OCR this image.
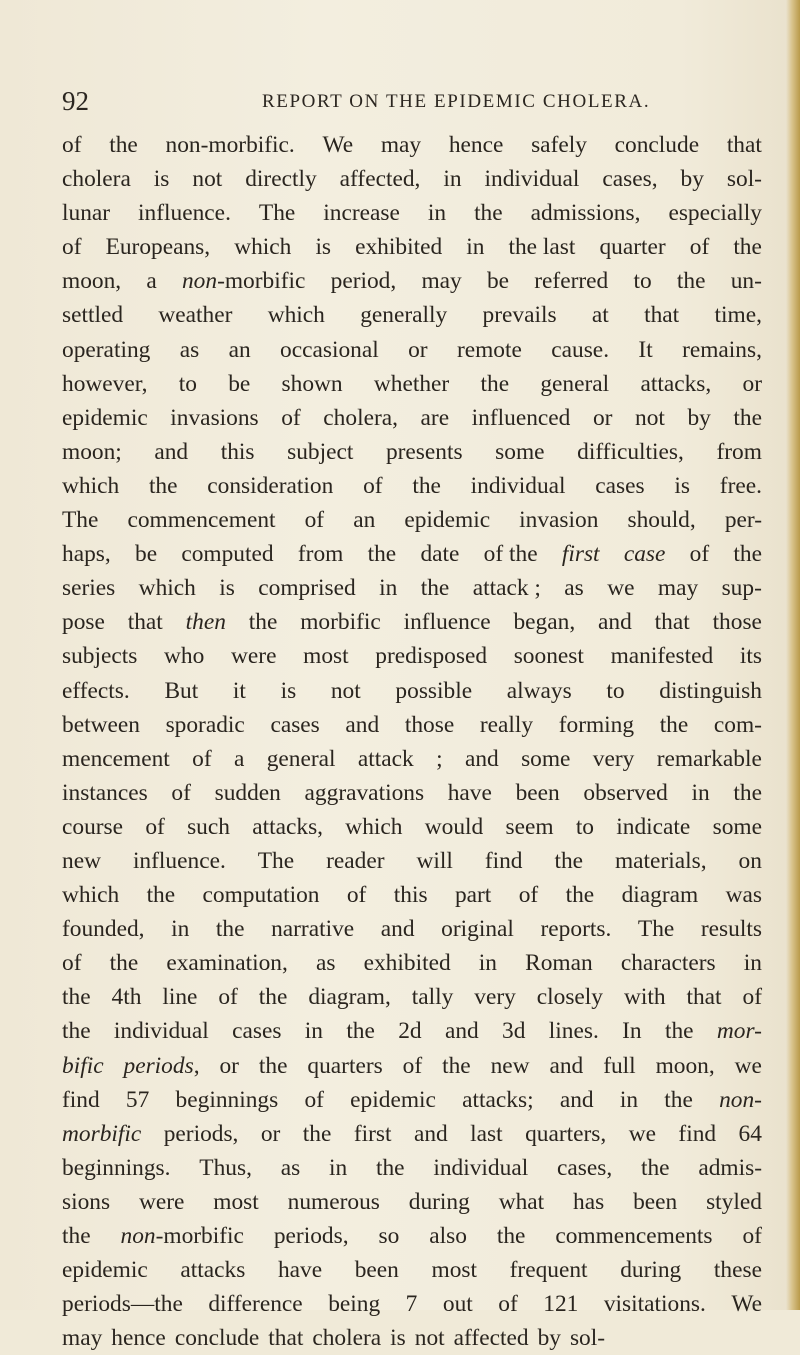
92	REPORT ON THE EPIDEMIC CHOLERA.
of the non-morbific. We may hence safely conclude that
cholera is not directly affected, in individual cases, by sol-
lunar influence. The increase in the admissions, especially
of Europeans, which is exhibited in the last quarter of the
moon, a non-morbific period, may be referred to the un-
settled weather which generally prevails at that time,
operating as an occasional or remote cause. It remains,
however, to be shown whether the general attacks, or
epidemic invasions of cholera, are influenced or not by the
moon; and this subject presents some difficulties, from
which the consideration of the individual cases is free.
The commencement of an epidemic invasion should, per-
haps, be computed from the date of the first case of the
series which is comprised in the attack ; as we may sup-
pose that then the morbific influence began, and that those
subjects who were most predisposed soonest manifested its
effects. But it is not possible always to distinguish
between sporadic cases and those really forming the com-
mencement of a general attack ; and some very remarkable
instances of sudden aggravations have been observed in the
course of such attacks, which would seem to indicate some
new influence. The reader will find the materials, on
which the computation of this part of the diagram was
founded, in the narrative and original reports. The results
of the examination, as exhibited in Roman characters in
the 4th line of the diagram, tally very closely with that of
the individual cases in the 2d and 3d lines. In the mor-
bific periods, or the quarters of the new and full moon, we
find 57 beginnings of epidemic attacks; and in the non-
morbific periods, or the first and last quarters, we find 64
beginnings. Thus, as in the individual cases, the admis-
sions were most numerous during what has been styled
the non-morbific periods, so also the commencements of
epidemic attacks have been most frequent during these
periods—the difference being 7 out of 121 visitations. We
may hence conclude that cholera is not affected by sol-
